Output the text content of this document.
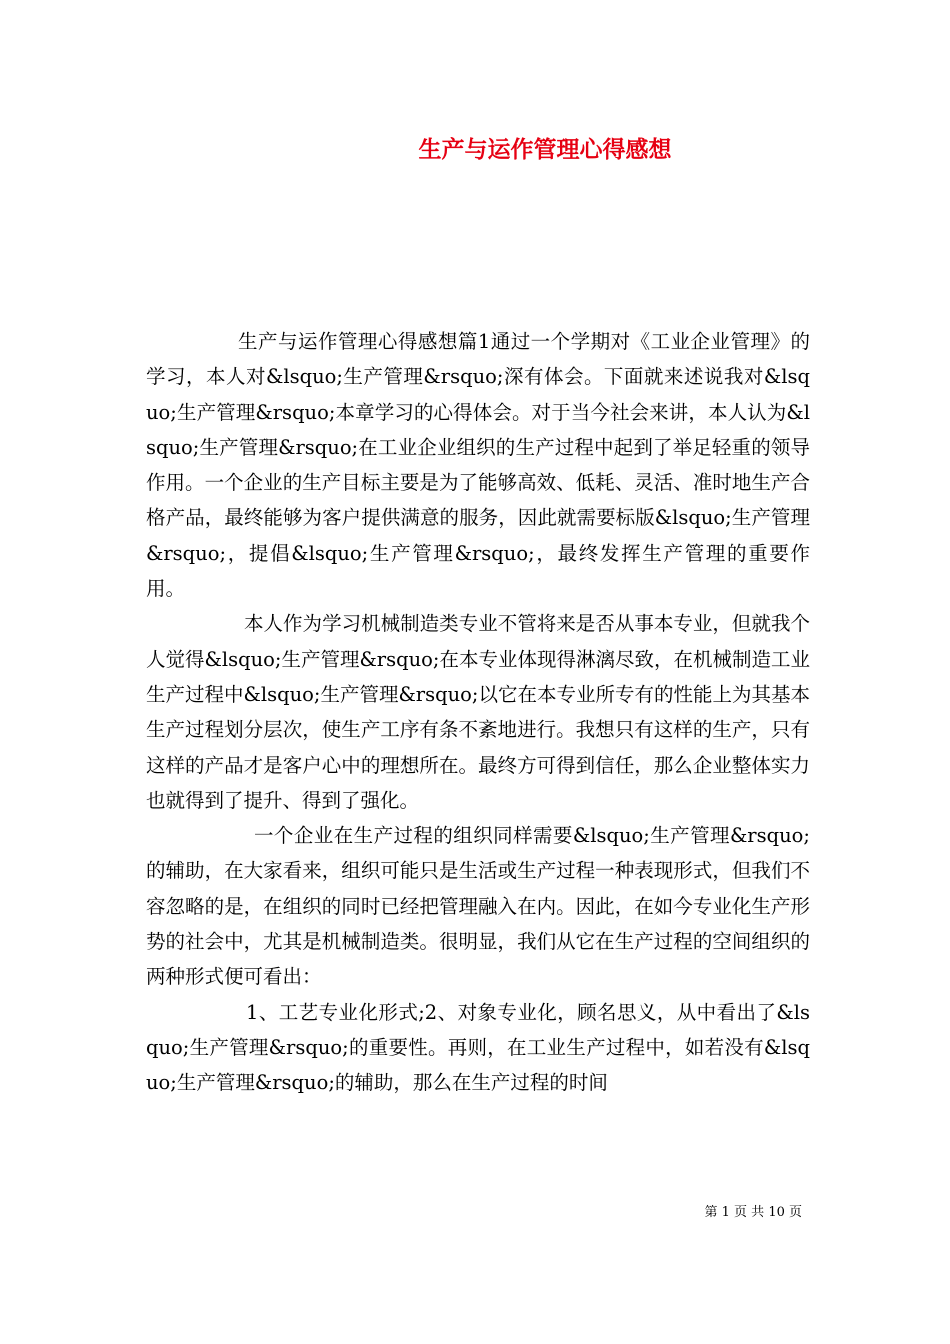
生产与运作管理心得感想

生产与运作管理心得感想篇1通过一个学期对《工业企业管理》的学习，本人对&lsquo;生产管理&rsquo;深有体会。下面就来述说我对&lsquo;生产管理&rsquo;本章学习的心得体会。对于当今社会来讲，本人认为&lsquo;生产管理&rsquo;在工业企业组织的生产过程中起到了举足轻重的领导作用。一个企业的生产目标主要是为了能够高效、低耗、灵活、准时地生产合格产品，最终能够为客户提供满意的服务，因此就需要标版&lsquo;生产管理&rsquo;，提倡&lsquo;生产管理&rsquo;，最终发挥生产管理的重要作用。

本人作为学习机械制造类专业不管将来是否从事本专业，但就我个人觉得&lsquo;生产管理&rsquo;在本专业体现得淋漓尽致，在机械制造工业生产过程中&lsquo;生产管理&rsquo;以它在本专业所专有的性能上为其基本生产过程划分层次，使生产工序有条不紊地进行。我想只有这样的生产，只有这样的产品才是客户心中的理想所在。最终方可得到信任，那么企业整体实力也就得到了提升、得到了强化。

一个企业在生产过程的组织同样需要&lsquo;生产管理&rsquo;的辅助，在大家看来，组织可能只是生活或生产过程一种表现形式，但我们不容忽略的是，在组织的同时已经把管理融入在内。因此，在如今专业化生产形势的社会中，尤其是机械制造类。很明显，我们从它在生产过程的空间组织的两种形式便可看出：

1、工艺专业化形式;2、对象专业化，顾名思义，从中看出了&lsquo;生产管理&rsquo;的重要性。再则，在工业生产过程中，如若没有&lsquo;生产管理&rsquo;的辅助，那么在生产过程的时间

第 1 页 共 10 页
